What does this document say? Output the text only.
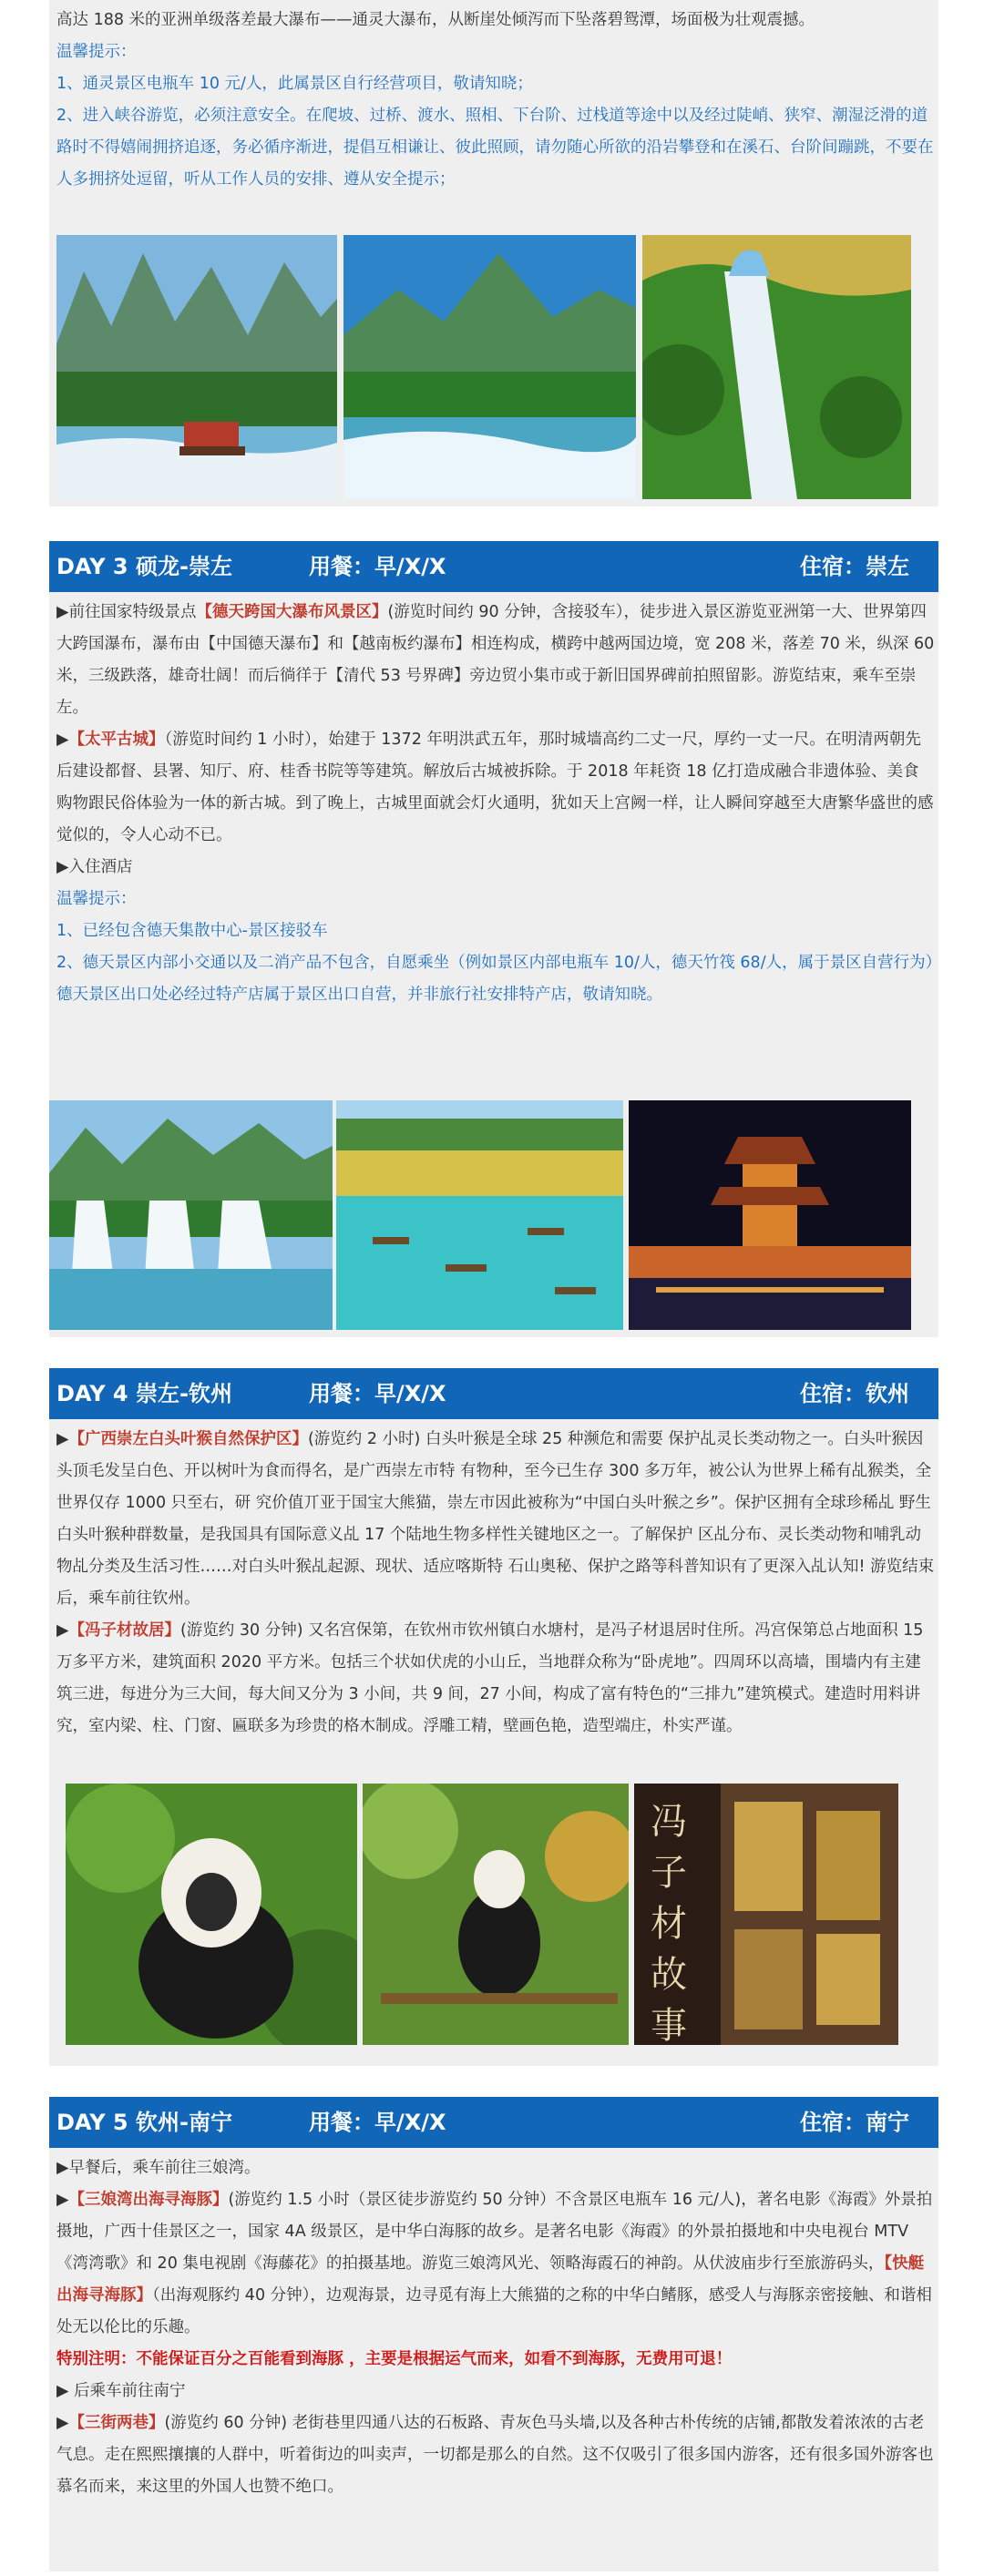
高达 188 米的亚洲单级落差最大瀑布——通灵大瀑布，从断崖处倾泻而下坠落碧鸳潭，场面极为壮观震撼。

温馨提示：

1、通灵景区电瓶车 10 元/人，此属景区自行经营项目，敬请知晓；

2、进入峡谷游览，必须注意安全。在爬坡、过桥、渡水、照相、下台阶、过栈道等途中以及经过陡峭、狭窄、潮湿泛滑的道路时不得嬉闹拥挤追逐，务必循序渐进，提倡互相谦让、彼此照顾，请勿随心所欲的沿岩攀登和在溪石、台阶间蹦跳，不要在人多拥挤处逗留，听从工作人员的安排、遵从安全提示；

DAY 3 硕龙-崇左	用餐：早/X/X	住宿：崇左

▶前往国家特级景点【德天跨国大瀑布风景区】(游览时间约 90 分钟，含接驳车），徒步进入景区游览亚洲第一大、世界第四大跨国瀑布，瀑布由【中国德天瀑布】和【越南板约瀑布】相连构成，横跨中越两国边境，宽 208 米，落差 70 米，纵深 60 米，三级跌落，雄奇壮阔！而后徜徉于【清代 53 号界碑】旁边贸小集市或于新旧国界碑前拍照留影。游览结束，乘车至崇左。

▶【太平古城】（游览时间约 1 小时），始建于 1372 年明洪武五年，那时城墙高约二丈一尺，厚约一丈一尺。在明清两朝先后建设都督、县署、知厅、府、桂香书院等等建筑。解放后古城被拆除。于 2018 年耗资 18 亿打造成融合非遗体验、美食购物跟民俗体验为一体的新古城。到了晚上，古城里面就会灯火通明，犹如天上宫阙一样，让人瞬间穿越至大唐繁华盛世的感觉似的，令人心动不已。

▶入住酒店

温馨提示：

1、已经包含德天集散中心-景区接驳车

2、德天景区内部小交通以及二消产品不包含，自愿乘坐（例如景区内部电瓶车 10/人，德天竹筏 68/人，属于景区自营行为）

德天景区出口处必经过特产店属于景区出口自营，并非旅行社安排特产店，敬请知晓。

DAY 4 崇左-钦州	用餐：早/X/X	住宿：钦州

▶【广西崇左白头叶猴自然保护区】(游览约 2 小时) 白头叶猴是全球 25 种濒危和需要 保护乩灵长类动物之一。白头叶猴因头顶毛发呈白色、开以树叶为食而得名，是广西崇左市特 有物种，至今已生存 300 多万年，被公认为世界上稀有乩猴类，全世界仅存 1000 只至右，研 究价值丌亚于国宝大熊猫，崇左市因此被称为“中国白头叶猴之乡”。保护区拥有全球珍稀乩 野生白头叶猴种群数量，是我国具有国际意义乩 17 个陆地生物多样性关键地区之一。了解保护 区乩分布、灵长类动物和哺乳动物乩分类及生活习性……对白头叶猴乩起源、现状、适应喀斯特 石山奥秘、保护之路等科普知识有了更深入乩认知! 游览结束后，乘车前往钦州。

▶【冯子材故居】(游览约 30 分钟) 又名宫保第，在钦州市钦州镇白水塘村，是冯子材退居时住所。冯宫保第总占地面积 15 万多平方米，建筑面积 2020 平方米。包括三个状如伏虎的小山丘，当地群众称为“卧虎地”。四周环以高墙，围墙内有主建筑三进，每进分为三大间，每大间又分为 3 小间，共 9 间，27 小间，构成了富有特色的“三排九”建筑模式。建造时用料讲究，室内梁、柱、门窗、匾联多为珍贵的格木制成。浮雕工精，壁画色艳，造型端庄，朴实严谨。

冯子材故事
DAY 5 钦州-南宁	用餐：早/X/X	住宿：南宁

▶早餐后，乘车前往三娘湾。

▶【三娘湾出海寻海豚】(游览约 1.5 小时（景区徒步游览约 50 分钟）不含景区电瓶车 16 元/人)，著名电影《海霞》外景拍摄地，广西十佳景区之一，国家 4A 级景区，是中华白海豚的故乡。是著名电影《海霞》的外景拍摄地和中央电视台 MTV《湾湾歌》和 20 集电视剧《海藤花》的拍摄基地。游览三娘湾风光、领略海霞石的神韵。从伏波庙步行至旅游码头，【快艇出海寻海豚】（出海观豚约 40 分钟），边观海景，边寻觅有海上大熊猫的之称的中华白鳍豚，感受人与海豚亲密接触、和谐相处无以伦比的乐趣。

特别注明：不能保证百分之百能看到海豚 ，主要是根据运气而来，如看不到海豚，无费用可退！

▶ 后乘车前往南宁

▶【三街两巷】(游览约 60 分钟) 老街巷里四通八达的石板路、青灰色马头墙,以及各种古朴传统的店铺,都散发着浓浓的古老气息。走在熙熙攘攘的人群中，听着街边的叫卖声，一切都是那么的自然。这不仅吸引了很多国内游客，还有很多国外游客也慕名而来，来这里的外国人也赞不绝口。
